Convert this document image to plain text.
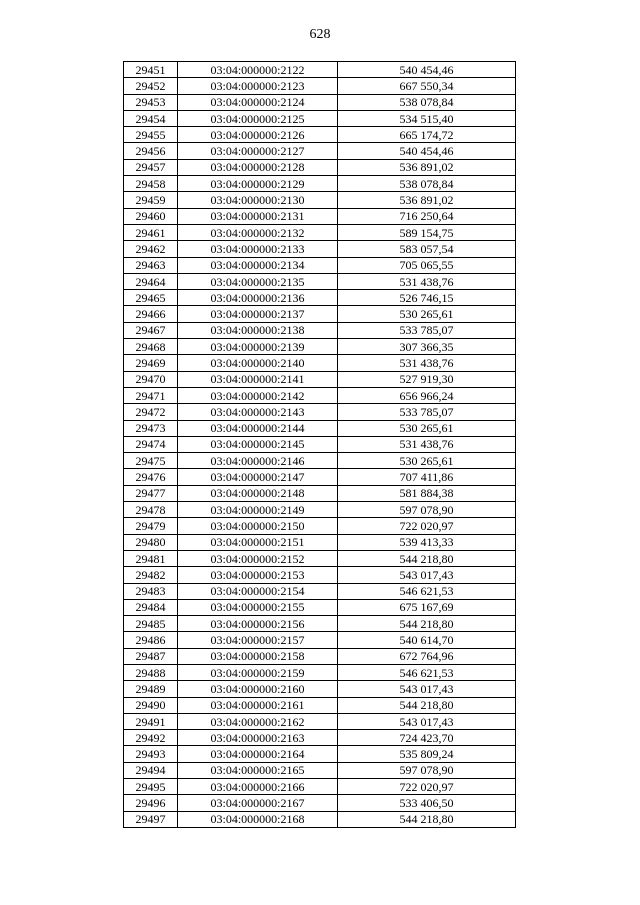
628
29451	03:04:000000:2122	540 454,46
29452	03:04:000000:2123	667 550,34
29453	03:04:000000:2124	538 078,84
29454	03:04:000000:2125	534 515,40
29455	03:04:000000:2126	665 174,72
29456	03:04:000000:2127	540 454,46
29457	03:04:000000:2128	536 891,02
29458	03:04:000000:2129	538 078,84
29459	03:04:000000:2130	536 891,02
29460	03:04:000000:2131	716 250,64
29461	03:04:000000:2132	589 154,75
29462	03:04:000000:2133	583 057,54
29463	03:04:000000:2134	705 065,55
29464	03:04:000000:2135	531 438,76
29465	03:04:000000:2136	526 746,15
29466	03:04:000000:2137	530 265,61
29467	03:04:000000:2138	533 785,07
29468	03:04:000000:2139	307 366,35
29469	03:04:000000:2140	531 438,76
29470	03:04:000000:2141	527 919,30
29471	03:04:000000:2142	656 966,24
29472	03:04:000000:2143	533 785,07
29473	03:04:000000:2144	530 265,61
29474	03:04:000000:2145	531 438,76
29475	03:04:000000:2146	530 265,61
29476	03:04:000000:2147	707 411,86
29477	03:04:000000:2148	581 884,38
29478	03:04:000000:2149	597 078,90
29479	03:04:000000:2150	722 020,97
29480	03:04:000000:2151	539 413,33
29481	03:04:000000:2152	544 218,80
29482	03:04:000000:2153	543 017,43
29483	03:04:000000:2154	546 621,53
29484	03:04:000000:2155	675 167,69
29485	03:04:000000:2156	544 218,80
29486	03:04:000000:2157	540 614,70
29487	03:04:000000:2158	672 764,96
29488	03:04:000000:2159	546 621,53
29489	03:04:000000:2160	543 017,43
29490	03:04:000000:2161	544 218,80
29491	03:04:000000:2162	543 017,43
29492	03:04:000000:2163	724 423,70
29493	03:04:000000:2164	535 809,24
29494	03:04:000000:2165	597 078,90
29495	03:04:000000:2166	722 020,97
29496	03:04:000000:2167	533 406,50
29497	03:04:000000:2168	544 218,80
